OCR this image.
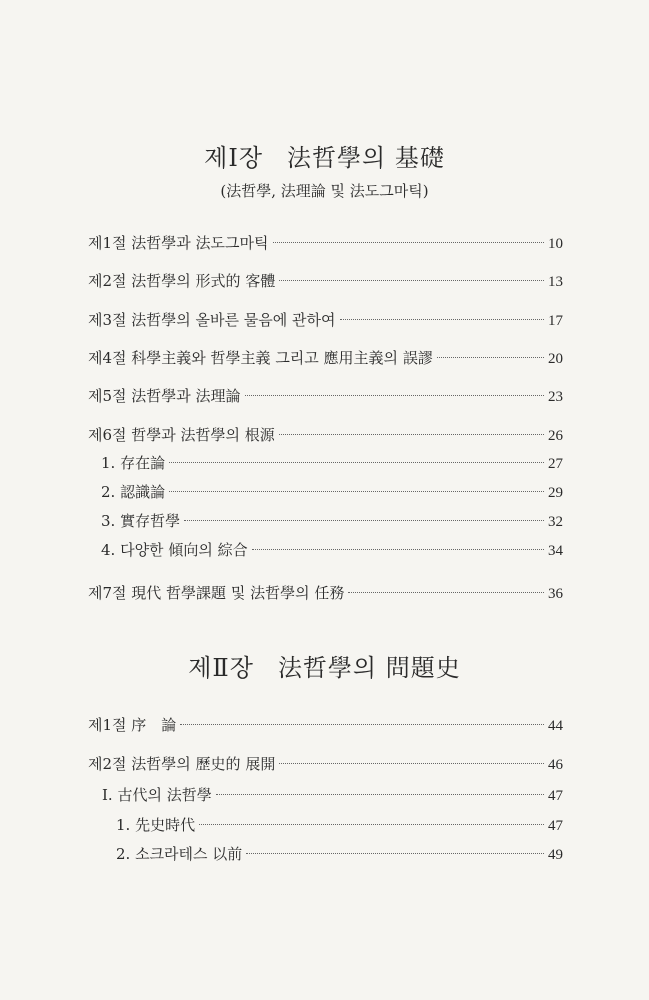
제Ⅰ장 法哲學의 基礎
(法哲學, 法理論 및 法도그마틱)
제1절 法哲學과 法도그마틱	10
제2절 法哲學의 形式的 客體	13
제3절 法哲學의 올바른 물음에 관하여	17
제4절 科學主義와 哲學主義 그리고 應用主義의 誤謬	20
제5절 法哲學과 法理論	23
제6절 哲學과 法哲學의 根源	26
1. 存在論	27
2. 認識論	29
3. 實存哲學	32
4. 다양한 傾向의 綜合	34
제7절 現代 哲學課題 및 法哲學의 任務	36
제Ⅱ장 法哲學의 問題史
제1절 序　論	44
제2절 法哲學의 歷史的 展開	46
Ⅰ. 古代의 法哲學	47
1. 先史時代	47
2. 소크라테스 以前	49
